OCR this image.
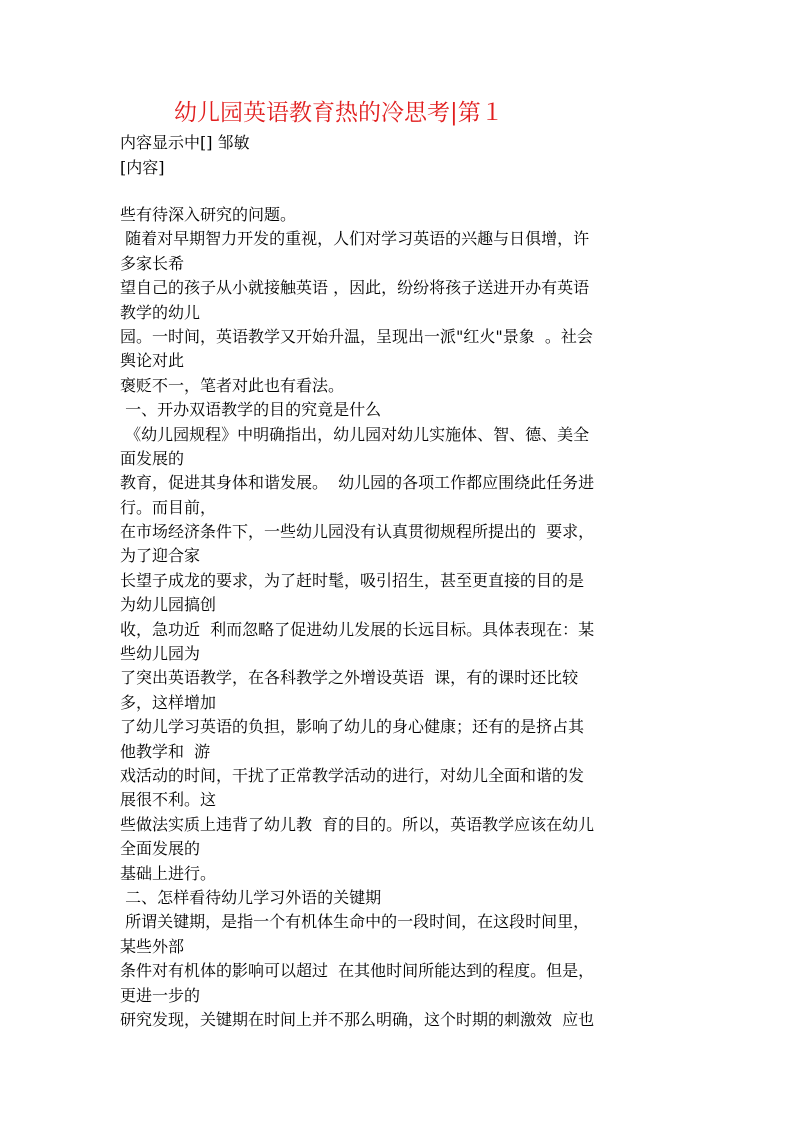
幼儿园英语教育热的冷思考|第１
内容显示中[] 邹敏
[内容]
些有待深入研究的问题。
随着对早期智力开发的重视，人们对学习英语的兴趣与日俱增，许
多家长希
望自己的孩子从小就接触英语 ，因此，纷纷将孩子送进开办有英语
教学的幼儿
园。一时间，英语教学又开始升温，呈现出一派"红火"景象  。社会
舆论对此
褒贬不一，笔者对此也有看法。
一、开办双语教学的目的究竟是什么
《幼儿园规程》中明确指出，幼儿园对幼儿实施体、智、德、美全
面发展的
教育，促进其身体和谐发展。  幼儿园的各项工作都应围绕此任务进
行。而目前，
在市场经济条件下，一些幼儿园没有认真贯彻规程所提出的  要求，
为了迎合家
长望子成龙的要求，为了赶时髦，吸引招生，甚至更直接的目的是
为幼儿园搞创
收，急功近  利而忽略了促进幼儿发展的长远目标。具体表现在：某
些幼儿园为
了突出英语教学，在各科教学之外增设英语  课，有的课时还比较
多，这样增加
了幼儿学习英语的负担，影响了幼儿的身心健康；还有的是挤占其
他教学和  游
戏活动的时间，干扰了正常教学活动的进行，对幼儿全面和谐的发
展很不利。这
些做法实质上违背了幼儿教  育的目的。所以，英语教学应该在幼儿
全面发展的
基础上进行。
二、怎样看待幼儿学习外语的关键期
所谓关键期，是指一个有机体生命中的一段时间，在这段时间里，
某些外部
条件对有机体的影响可以超过  在其他时间所能达到的程度。但是，
更进一步的
研究发现，关键期在时间上并不那么明确，这个时期的刺激效  应也
